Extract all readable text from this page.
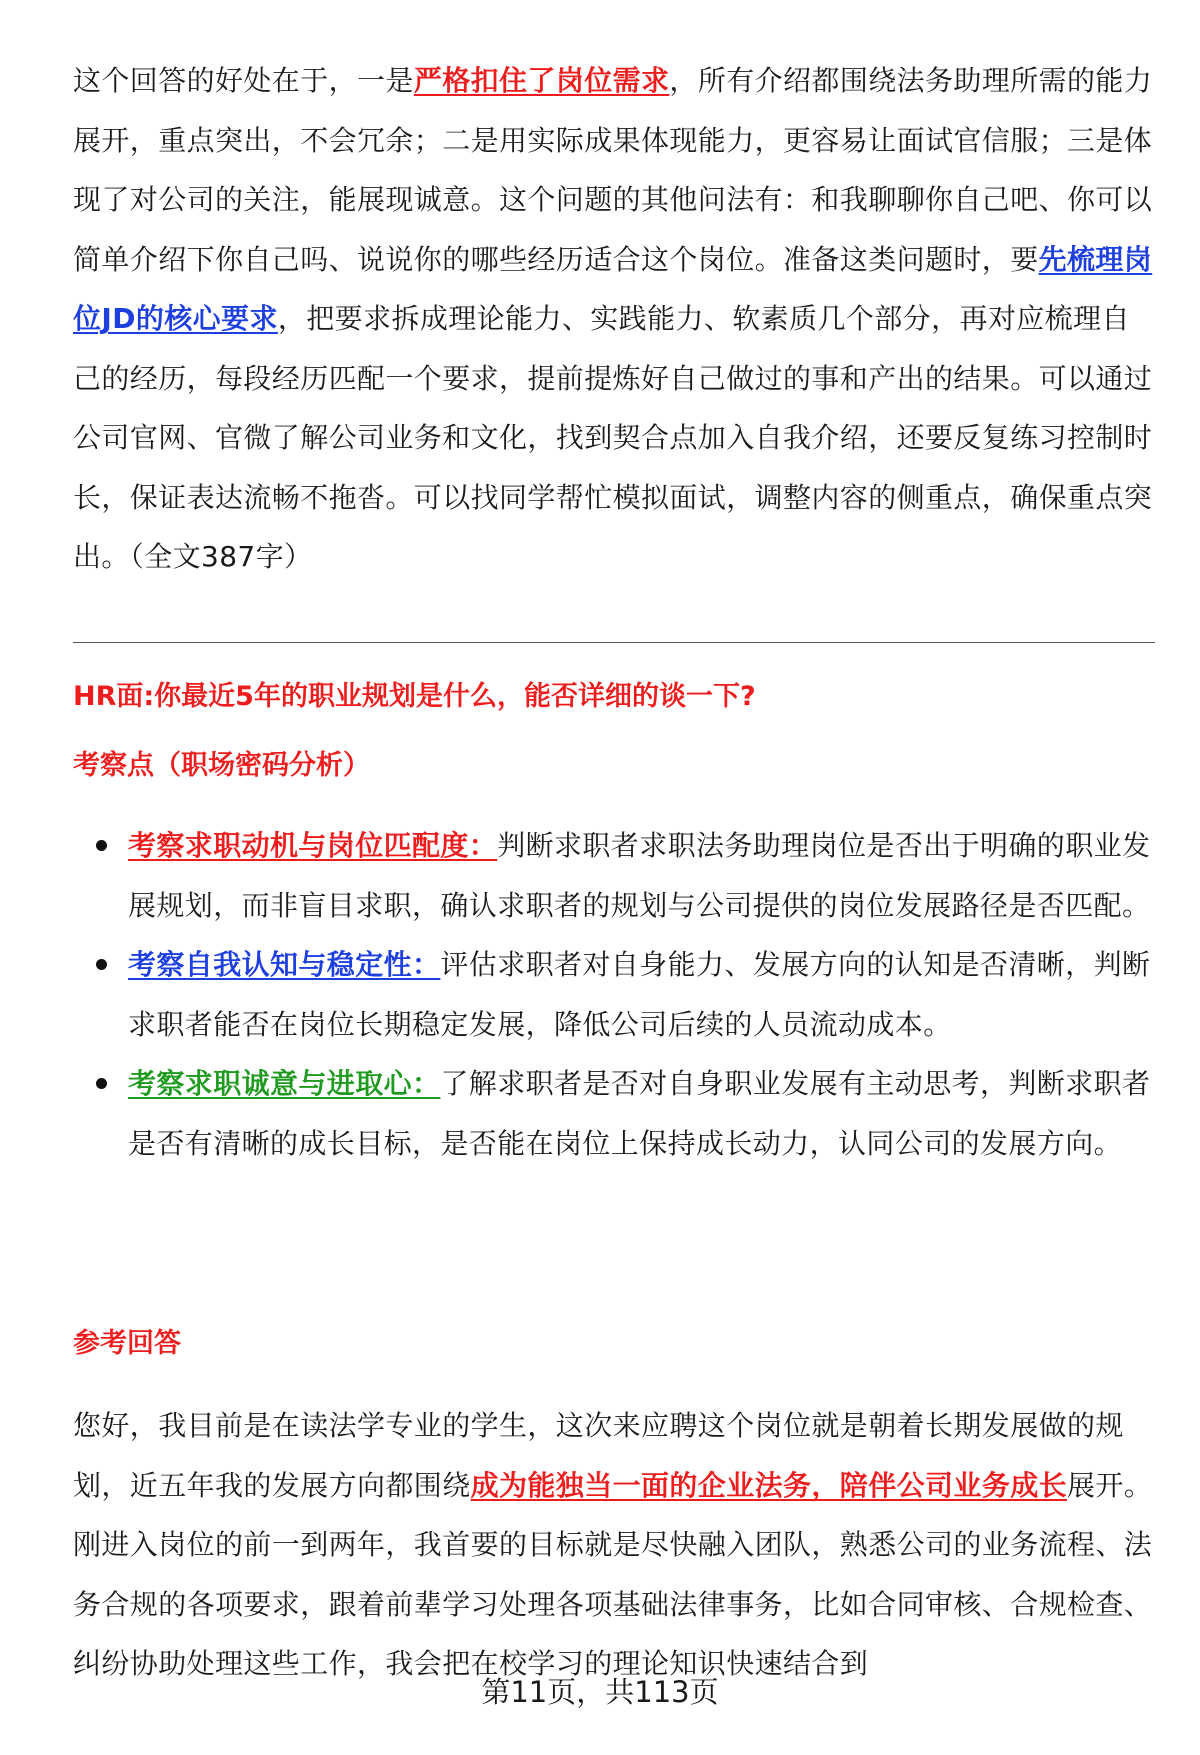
这个回答的好处在于，一是严格扣住了岗位需求，所有介绍都围绕法务助理所需的能力展开，重点突出，不会冗余；二是用实际成果体现能力，更容易让面试官信服；三是体现了对公司的关注，能展现诚意。这个问题的其他问法有：和我聊聊你自己吧、你可以简单介绍下你自己吗、说说你的哪些经历适合这个岗位。准备这类问题时，要先梳理岗位JD的核心要求，把要求拆成理论能力、实践能力、软素质几个部分，再对应梳理自己的经历，每段经历匹配一个要求，提前提炼好自己做过的事和产出的结果。可以通过公司官网、官微了解公司业务和文化，找到契合点加入自我介绍，还要反复练习控制时长，保证表达流畅不拖沓。可以找同学帮忙模拟面试，调整内容的侧重点，确保重点突出。（全文387字）

HR面:你最近5年的职业规划是什么，能否详细的谈一下?
考察点（职场密码分析）
考察求职动机与岗位匹配度：判断求职者求职法务助理岗位是否出于明确的职业发展规划，而非盲目求职，确认求职者的规划与公司提供的岗位发展路径是否匹配。
考察自我认知与稳定性：评估求职者对自身能力、发展方向的认知是否清晰，判断求职者能否在岗位长期稳定发展，降低公司后续的人员流动成本。
考察求职诚意与进取心：了解求职者是否对自身职业发展有主动思考，判断求职者是否有清晰的成长目标，是否能在岗位上保持成长动力，认同公司的发展方向。
参考回答

您好，我目前是在读法学专业的学生，这次来应聘这个岗位就是朝着长期发展做的规划，近五年我的发展方向都围绕成为能独当一面的企业法务，陪伴公司业务成长展开。刚进入岗位的前一到两年，我首要的目标就是尽快融入团队，熟悉公司的业务流程、法务合规的各项要求，跟着前辈学习处理各项基础法律事务，比如合同审核、合规检查、纠纷协助处理这些工作，我会把在校学习的理论知识快速结合到

第11页，共113页
